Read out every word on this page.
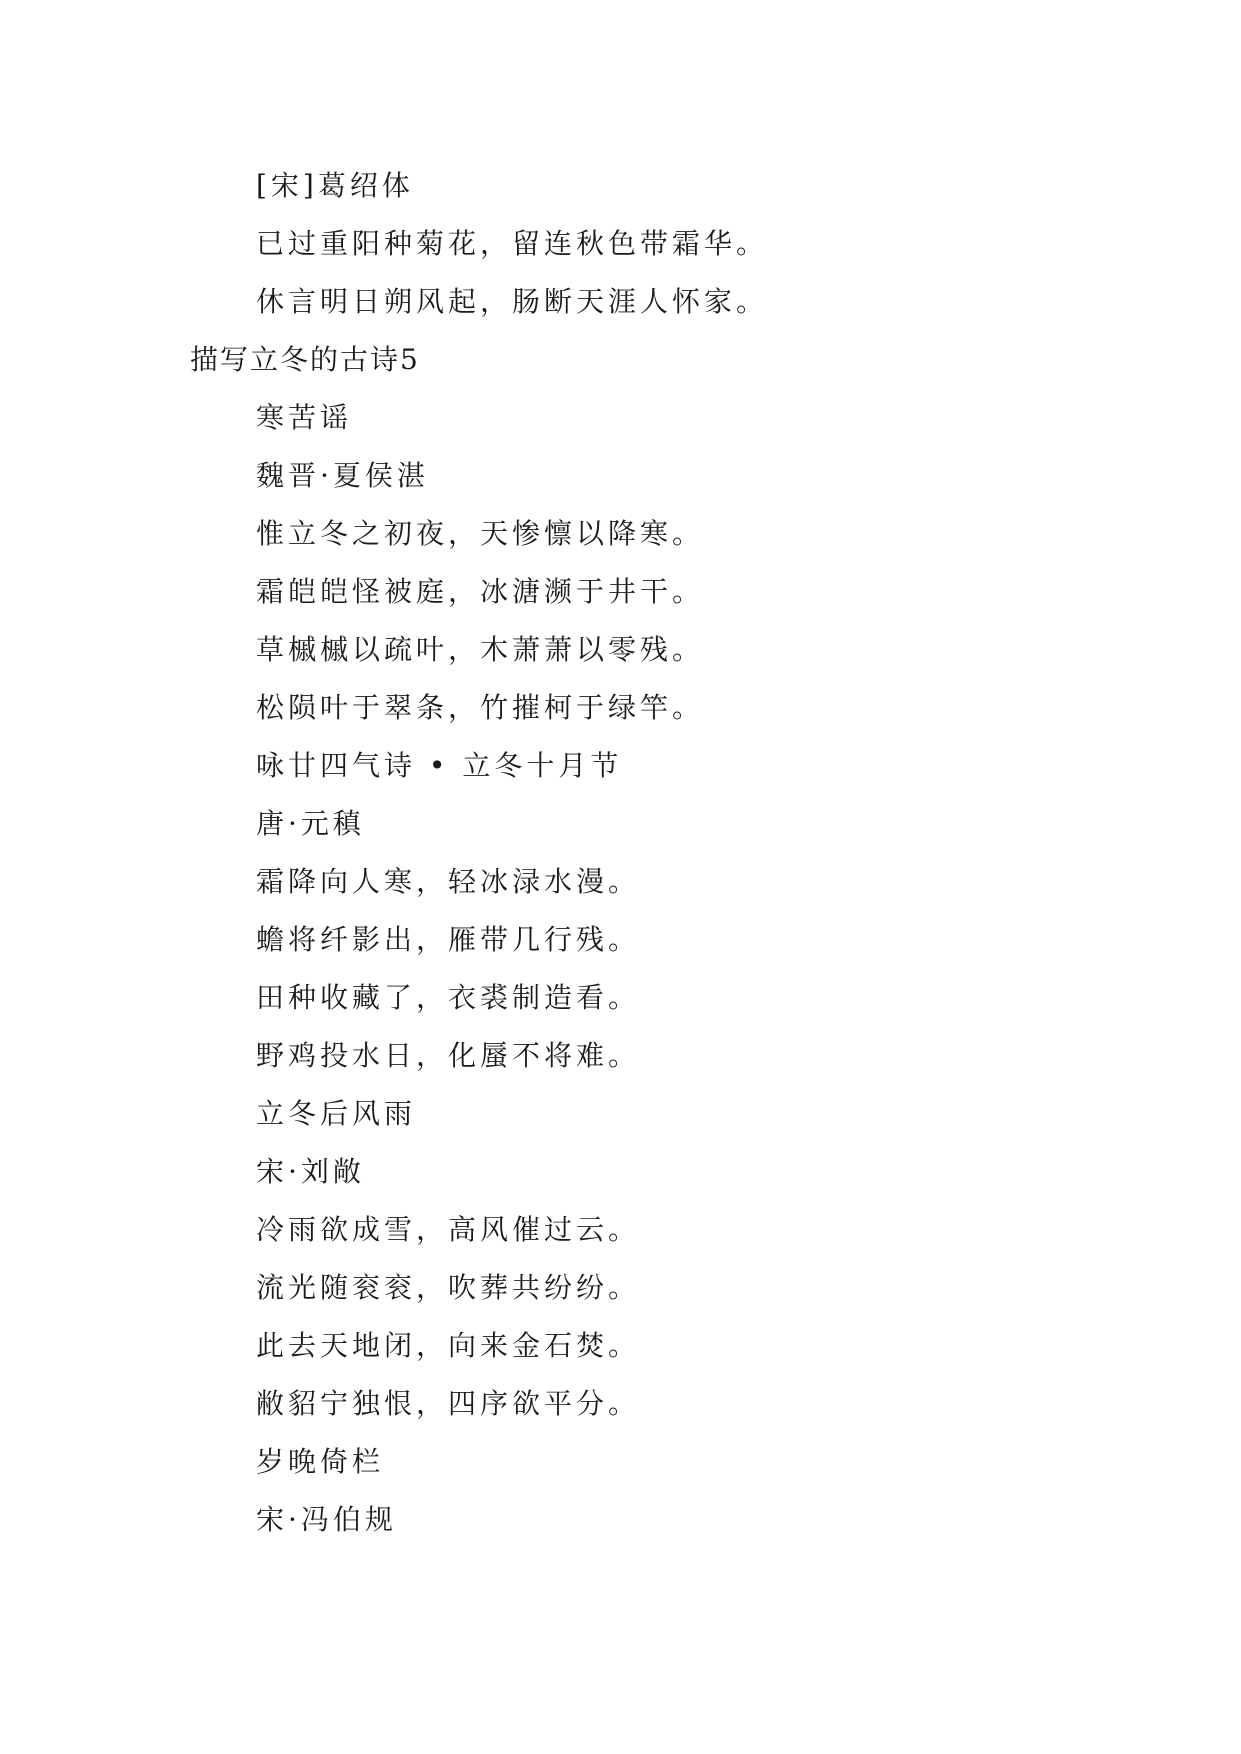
[宋]葛绍体
已过重阳种菊花，留连秋色带霜华。
休言明日朔风起，肠断天涯人怀家。
描写立冬的古诗5
寒苦谣
魏晋·夏侯湛
惟立冬之初夜，天惨懔以降寒。
霜皑皑怪被庭，冰溏濒于井干。
草槭槭以疏叶，木萧萧以零残。
松陨叶于翠条，竹摧柯于绿竿。
咏廿四气诗 • 立冬十月节
唐·元稹
霜降向人寒，轻冰渌水漫。
蟾将纤影出，雁带几行残。
田种收藏了，衣裘制造看。
野鸡投水日，化蜃不将难。
立冬后风雨
宋·刘敞
冷雨欲成雪，高风催过云。
流光随衮衮，吹葬共纷纷。
此去天地闭，向来金石焚。
敝貂宁独恨，四序欲平分。
岁晚倚栏
宋·冯伯规
